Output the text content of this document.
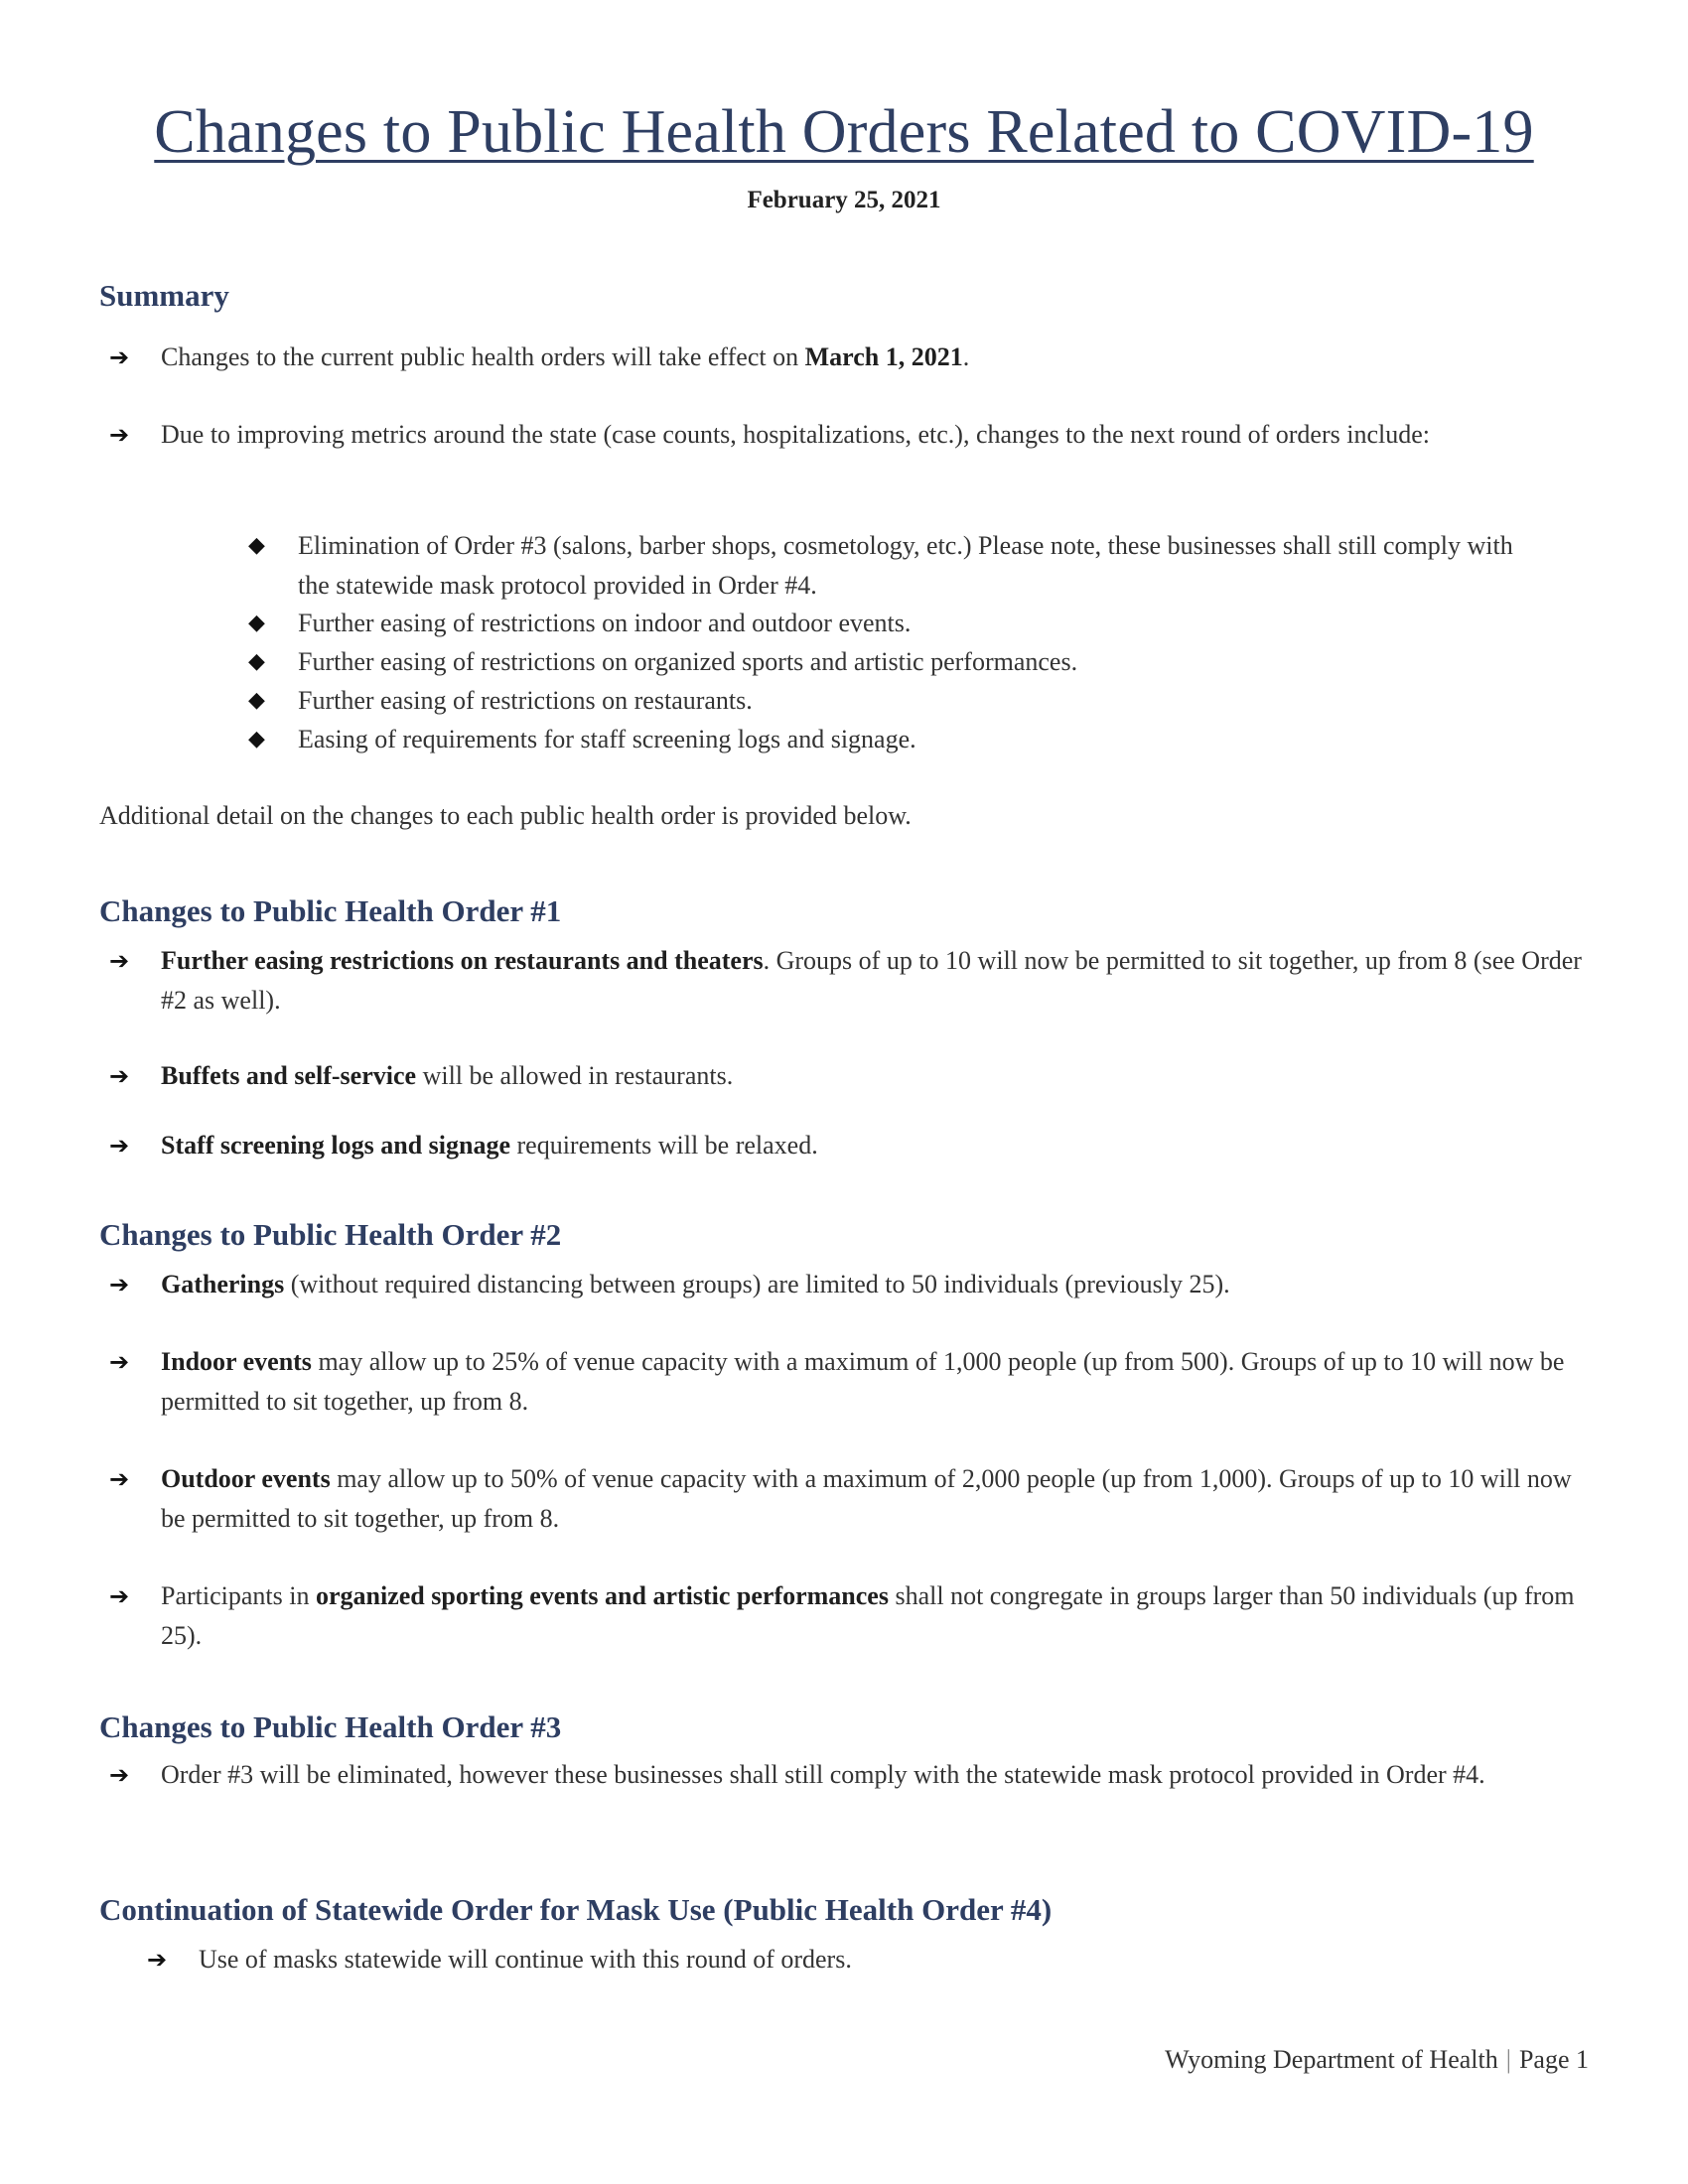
Changes to Public Health Orders Related to COVID-19
February 25, 2021
Summary
➔ Changes to the current public health orders will take effect on March 1, 2021.
➔ Due to improving metrics around the state (case counts, hospitalizations, etc.), changes to the next round of orders include:
◆ Elimination of Order #3 (salons, barber shops, cosmetology, etc.) Please note, these businesses shall still comply with the statewide mask protocol provided in Order #4.
◆ Further easing of restrictions on indoor and outdoor events.
◆ Further easing of restrictions on organized sports and artistic performances.
◆ Further easing of restrictions on restaurants.
◆ Easing of requirements for staff screening logs and signage.
Additional detail on the changes to each public health order is provided below.
Changes to Public Health Order #1
➔ Further easing restrictions on restaurants and theaters. Groups of up to 10 will now be permitted to sit together, up from 8 (see Order #2 as well).
➔ Buffets and self-service will be allowed in restaurants.
➔ Staff screening logs and signage requirements will be relaxed.
Changes to Public Health Order #2
➔ Gatherings (without required distancing between groups) are limited to 50 individuals (previously 25).
➔ Indoor events may allow up to 25% of venue capacity with a maximum of 1,000 people (up from 500). Groups of up to 10 will now be permitted to sit together, up from 8.
➔ Outdoor events may allow up to 50% of venue capacity with a maximum of 2,000 people (up from 1,000). Groups of up to 10 will now be permitted to sit together, up from 8.
➔ Participants in organized sporting events and artistic performances shall not congregate in groups larger than 50 individuals (up from 25).
Changes to Public Health Order #3
➔ Order #3 will be eliminated, however these businesses shall still comply with the statewide mask protocol provided in Order #4.
Continuation of Statewide Order for Mask Use (Public Health Order #4)
➔ Use of masks statewide will continue with this round of orders.
Wyoming Department of Health | Page 1
